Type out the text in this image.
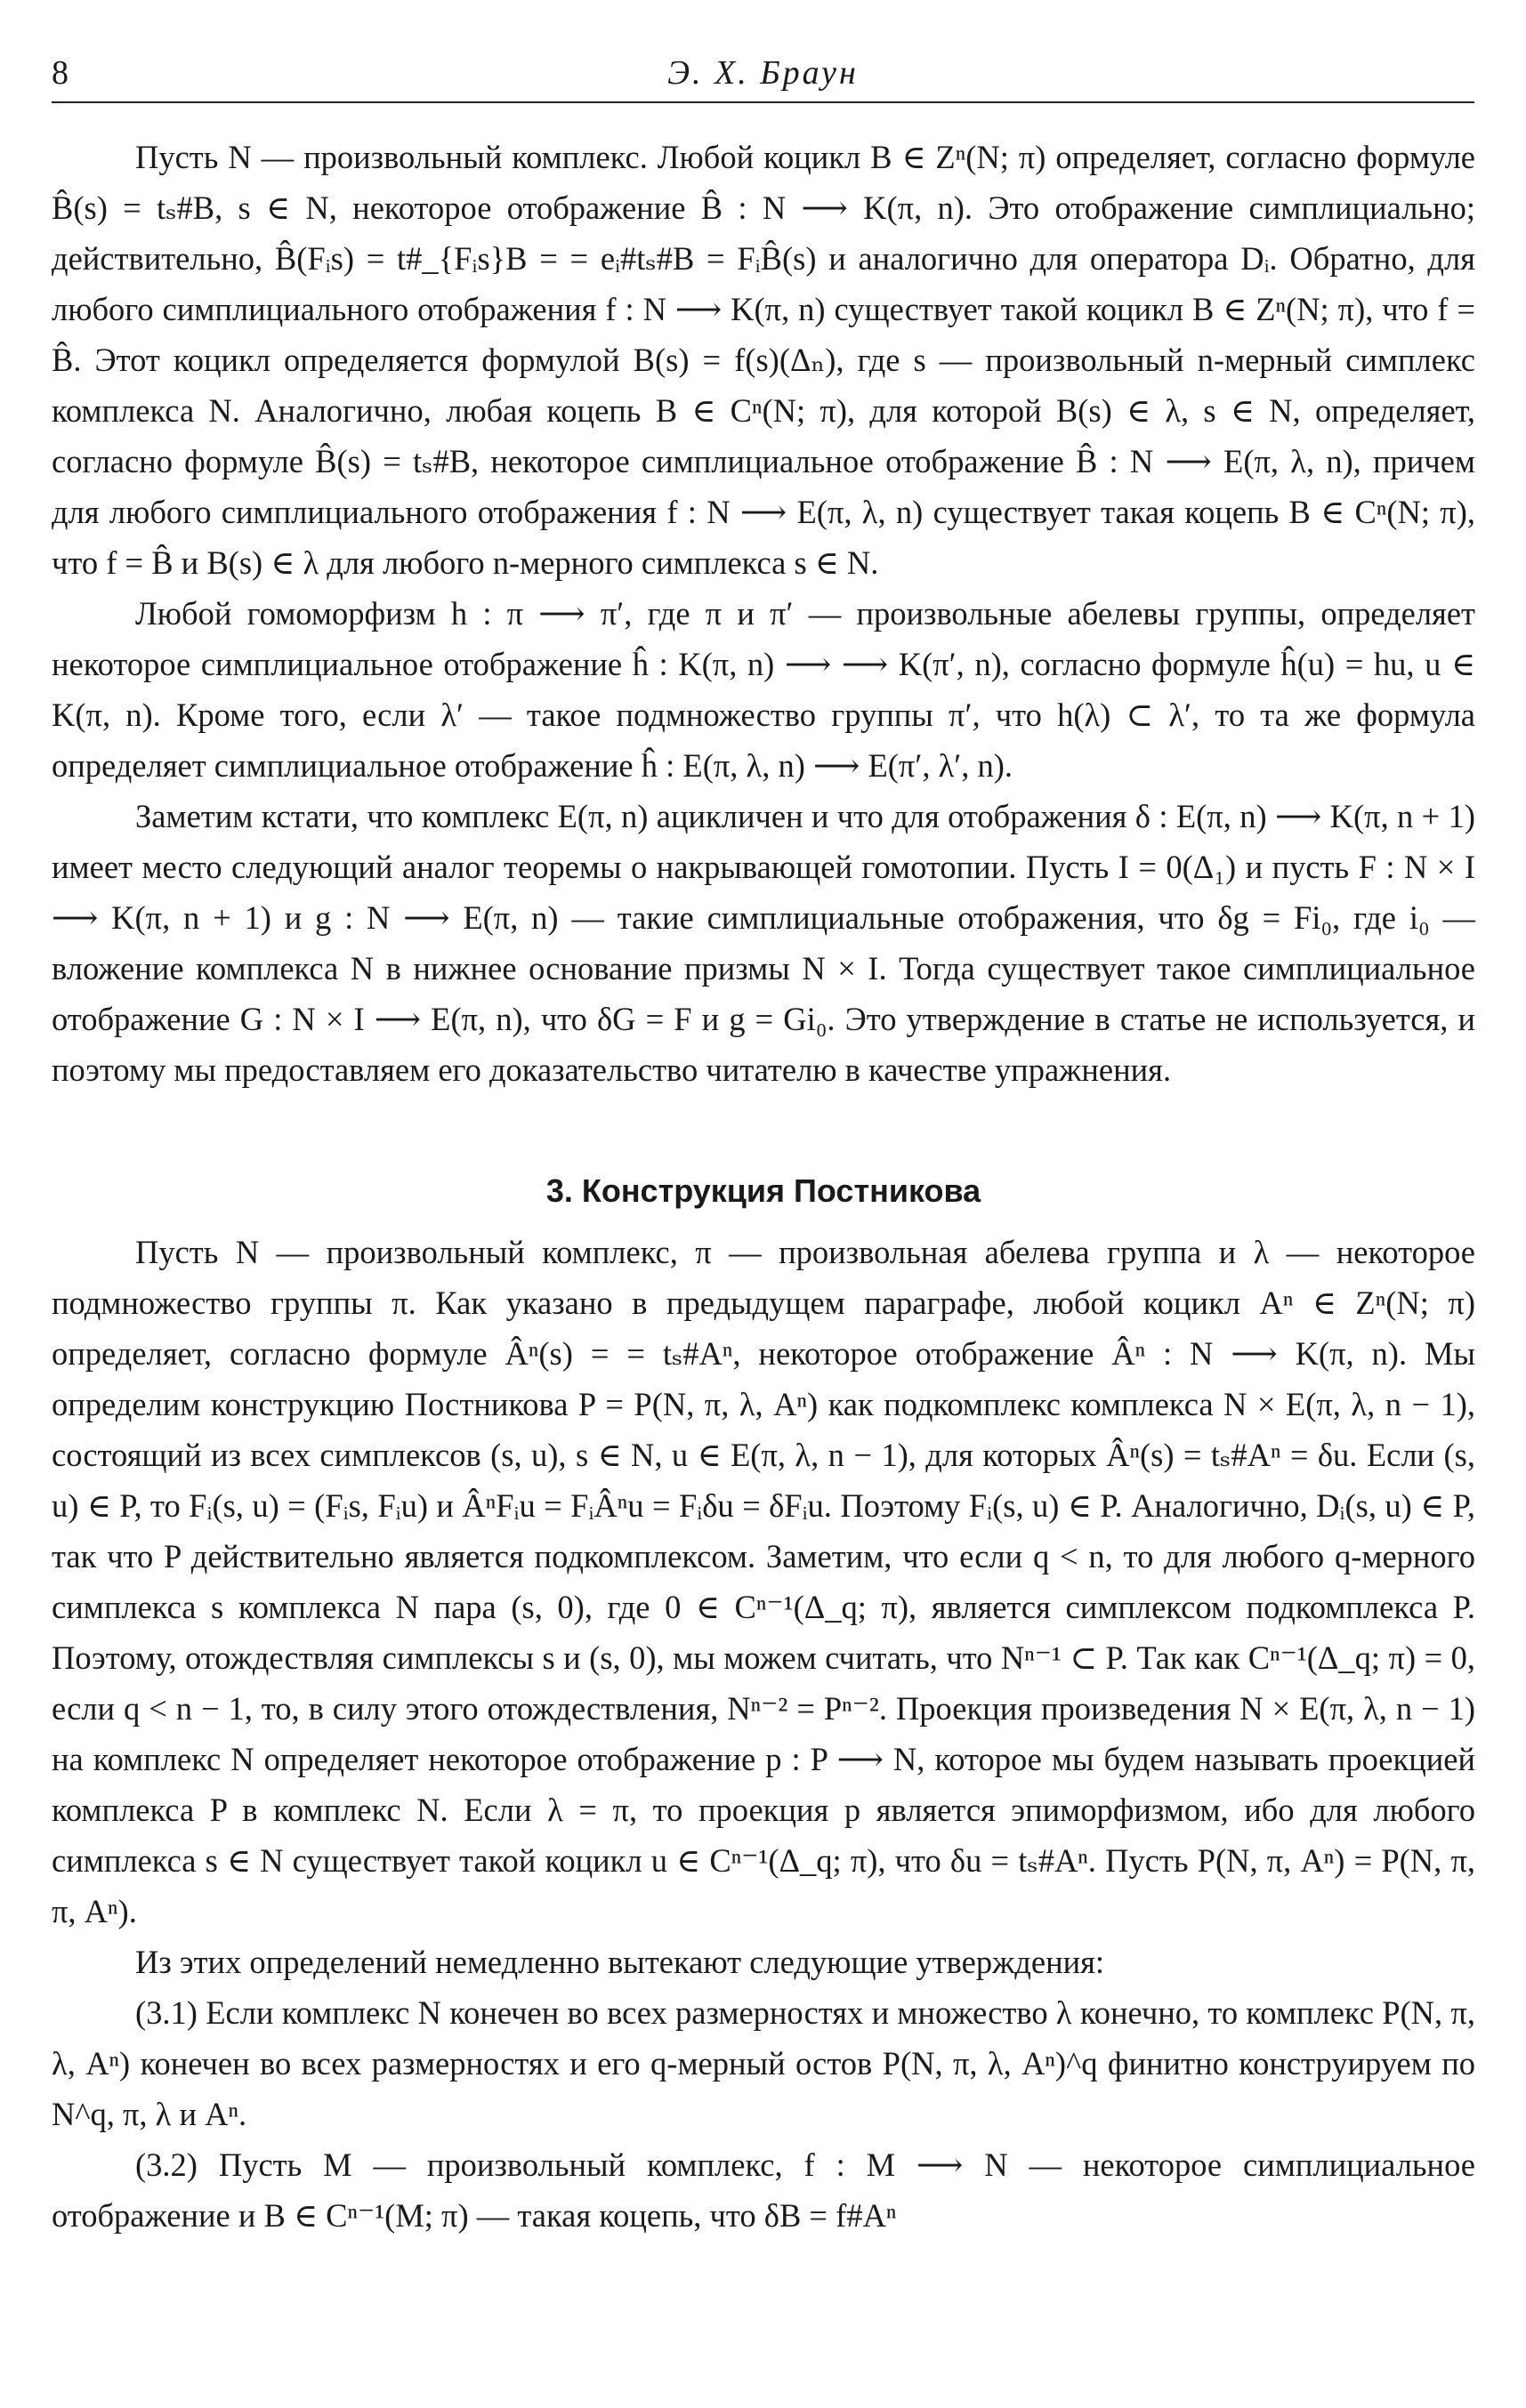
8	Э. Х. Браун

Пусть N — произвольный комплекс. Любой коцикл B ∈ Zⁿ(N; π) определяет, согласно формуле B̂(s) = tₛ#B, s ∈ N, некоторое отображение B̂ : N ⟶ K(π, n). Это отображение симплициально; действительно, B̂(Fᵢs) = t#_{Fᵢs}B = = eᵢ#tₛ#B = FᵢB̂(s) и аналогично для оператора Dᵢ. Обратно, для любого симплициального отображения f : N ⟶ K(π, n) существует такой коцикл B ∈ Zⁿ(N; π), что f = B̂. Этот коцикл определяется формулой B(s) = f(s)(Δₙ), где s — произвольный n-мерный симплекс комплекса N. Аналогично, любая коцепь B ∈ Cⁿ(N; π), для которой B(s) ∈ λ, s ∈ N, определяет, согласно формуле B̂(s) = tₛ#B, некоторое симплициальное отображение B̂ : N ⟶ E(π, λ, n), причем для любого симплициального отображения f : N ⟶ E(π, λ, n) существует такая коцепь B ∈ Cⁿ(N; π), что f = B̂ и B(s) ∈ λ для любого n-мерного симплекса s ∈ N.

Любой гомоморфизм h : π ⟶ π′, где π и π′ — произвольные абелевы группы, определяет некоторое симплициальное отображение ĥ : K(π, n) ⟶ ⟶ K(π′, n), согласно формуле ĥ(u) = hu, u ∈ K(π, n). Кроме того, если λ′ — такое подмножество группы π′, что h(λ) ⊂ λ′, то та же формула определяет симплициальное отображение ĥ : E(π, λ, n) ⟶ E(π′, λ′, n).

Заметим кстати, что комплекс E(π, n) ацикличен и что для отображения δ : E(π, n) ⟶ K(π, n + 1) имеет место следующий аналог теоремы о накрывающей гомотопии. Пусть I = 0(Δ₁) и пусть F : N × I ⟶ K(π, n + 1) и g : N ⟶ E(π, n) — такие симплициальные отображения, что δg = Fi₀, где i₀ — вложение комплекса N в нижнее основание призмы N × I. Тогда существует такое симплициальное отображение G : N × I ⟶ E(π, n), что δG = F и g = Gi₀. Это утверждение в статье не используется, и поэтому мы предоставляем его доказательство читателю в качестве упражнения.

3. Конструкция Постникова

Пусть N — произвольный комплекс, π — произвольная абелева группа и λ — некоторое подмножество группы π. Как указано в предыдущем параграфе, любой коцикл Aⁿ ∈ Zⁿ(N; π) определяет, согласно формуле Âⁿ(s) = = tₛ#Aⁿ, некоторое отображение Âⁿ : N ⟶ K(π, n). Мы определим конструкцию Постникова P = P(N, π, λ, Aⁿ) как подкомплекс комплекса N × E(π, λ, n − 1), состоящий из всех симплексов (s, u), s ∈ N, u ∈ E(π, λ, n − 1), для которых Âⁿ(s) = tₛ#Aⁿ = δu. Если (s, u) ∈ P, то Fᵢ(s, u) = (Fᵢs, Fᵢu) и ÂⁿFᵢu = FᵢÂⁿu = Fᵢδu = δFᵢu. Поэтому Fᵢ(s, u) ∈ P. Аналогично, Dᵢ(s, u) ∈ P, так что P действительно является подкомплексом. Заметим, что если q < n, то для любого q-мерного симплекса s комплекса N пара (s, 0), где 0 ∈ Cⁿ⁻¹(Δ_q; π), является симплексом подкомплекса P. Поэтому, отождествляя симплексы s и (s, 0), мы можем считать, что Nⁿ⁻¹ ⊂ P. Так как Cⁿ⁻¹(Δ_q; π) = 0, если q < n − 1, то, в силу этого отождествления, Nⁿ⁻² = Pⁿ⁻². Проекция произведения N × E(π, λ, n − 1) на комплекс N определяет некоторое отображение p : P ⟶ N, которое мы будем называть проекцией комплекса P в комплекс N. Если λ = π, то проекция p является эпиморфизмом, ибо для любого симплекса s ∈ N существует такой коцикл u ∈ Cⁿ⁻¹(Δ_q; π), что δu = tₛ#Aⁿ. Пусть P(N, π, Aⁿ) = P(N, π, π, Aⁿ).

Из этих определений немедленно вытекают следующие утверждения:

(3.1) Если комплекс N конечен во всех размерностях и множество λ конечно, то комплекс P(N, π, λ, Aⁿ) конечен во всех размерностях и его q-мерный остов P(N, π, λ, Aⁿ)^q финитно конструируем по N^q, π, λ и Aⁿ.

(3.2) Пусть M — произвольный комплекс, f : M ⟶ N — некоторое симплициальное отображение и B ∈ Cⁿ⁻¹(M; π) — такая коцепь, что δB = f#Aⁿ
